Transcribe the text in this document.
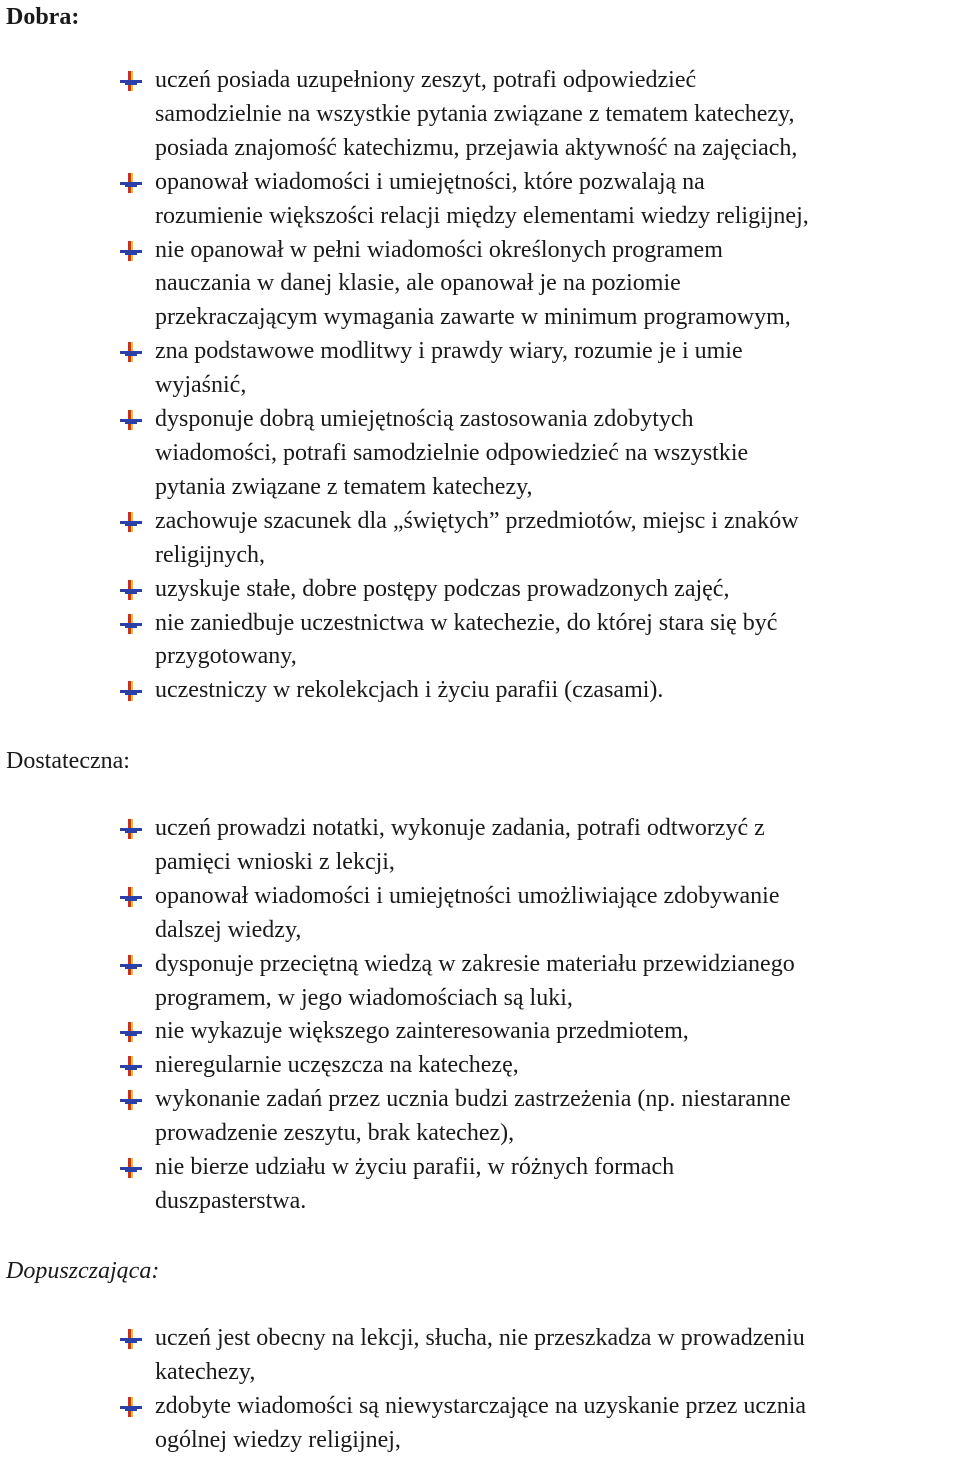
Dobra:
uczeń posiada uzupełniony zeszyt, potrafi odpowiedzieć
samodzielnie na wszystkie pytania związane z tematem katechezy,
posiada znajomość katechizmu, przejawia aktywność na zajęciach,
opanował wiadomości i umiejętności, które pozwalają na
rozumienie większości relacji między elementami wiedzy religijnej,
nie opanował w pełni wiadomości określonych programem
nauczania w danej klasie, ale opanował je na poziomie
przekraczającym wymagania zawarte w minimum programowym,
zna podstawowe modlitwy i prawdy wiary, rozumie je i umie
wyjaśnić,
dysponuje dobrą umiejętnością zastosowania zdobytych
wiadomości, potrafi samodzielnie odpowiedzieć na wszystkie
pytania związane z tematem katechezy,
zachowuje szacunek dla „świętych” przedmiotów, miejsc i znaków
religijnych,
uzyskuje stałe, dobre postępy podczas prowadzonych zajęć,
nie zaniedbuje uczestnictwa w katechezie, do której stara się być
przygotowany,
uczestniczy w rekolekcjach i życiu parafii (czasami).
Dostateczna:
uczeń prowadzi notatki, wykonuje zadania, potrafi odtworzyć z
pamięci wnioski z lekcji,
opanował wiadomości i umiejętności umożliwiające zdobywanie
dalszej wiedzy,
dysponuje przeciętną wiedzą w zakresie materiału przewidzianego
programem, w jego wiadomościach są luki,
nie wykazuje większego zainteresowania przedmiotem,
nieregularnie uczęszcza na katechezę,
wykonanie zadań przez ucznia budzi zastrzeżenia (np. niestaranne
prowadzenie zeszytu, brak katechez),
nie bierze udziału w życiu parafii, w różnych formach
duszpasterstwa.
Dopuszczająca:
uczeń jest obecny na lekcji, słucha, nie przeszkadza w prowadzeniu
katechezy,
zdobyte wiadomości są niewystarczające na uzyskanie przez ucznia
ogólnej wiedzy religijnej,
